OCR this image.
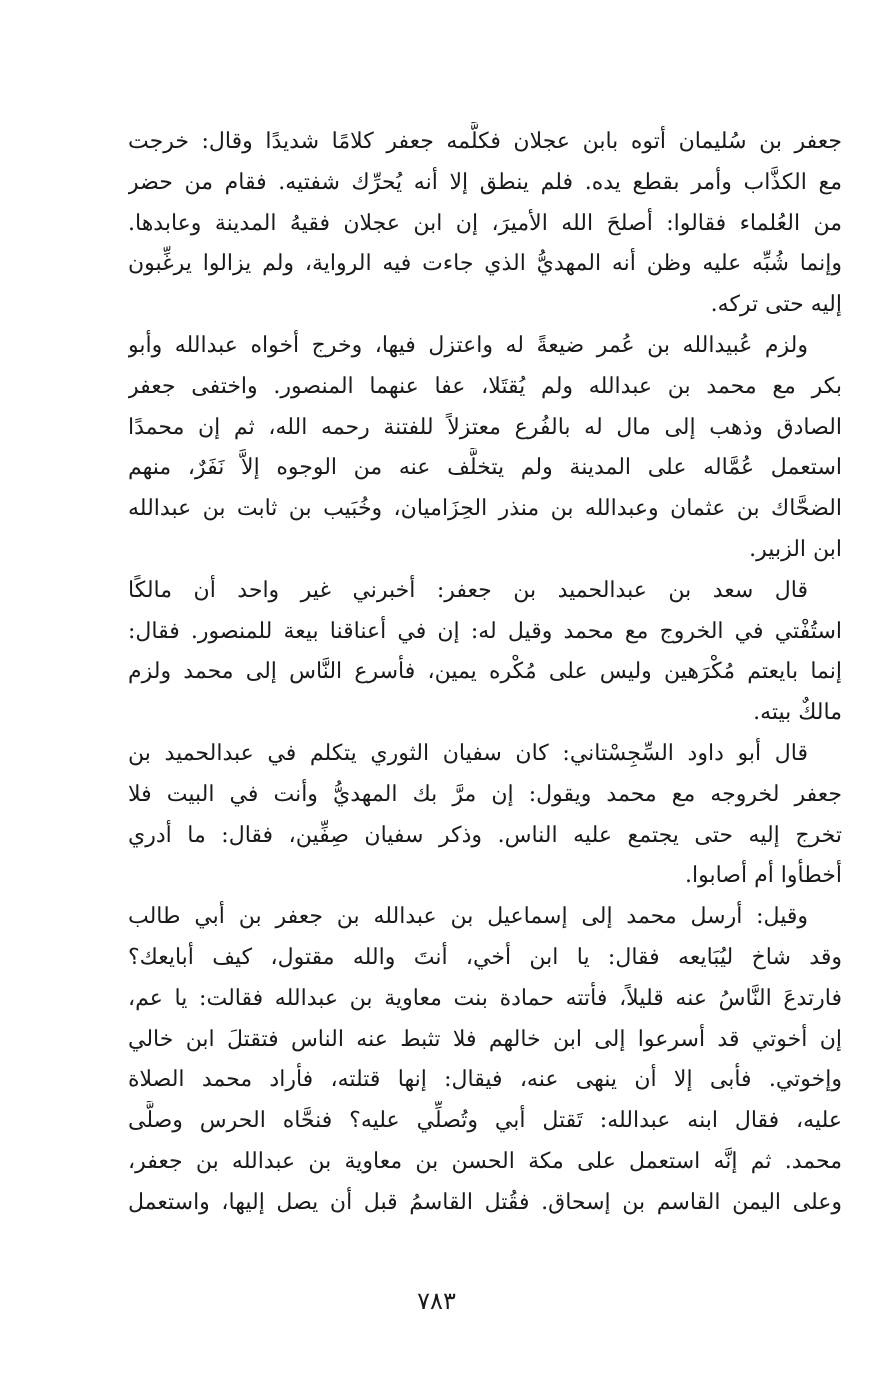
جعفر بن سُليمان أتوه بابن عجلان فكلَّمه جعفر كلامًا شديدًا وقال: خرجت
مع الكذَّاب وأمر بقطع يده. فلم ينطق إلا أنه يُحرِّك شفتيه. فقام من حضر
من العُلماء فقالوا: أصلحَ الله الأميرَ، إن ابن عجلان فقيهُ المدينة وعابدها.
وإنما شُبِّه عليه وظن أنه المهديُّ الذي جاءت فيه الرواية، ولم يزالوا يرغِّبون
إليه حتى تركه.
ولزم عُبيدالله بن عُمر ضيعةً له واعتزل فيها، وخرج أخواه عبدالله وأبو
بكر مع محمد بن عبدالله ولم يُقتَلا، عفا عنهما المنصور. واختفى جعفر
الصادق وذهب إلى مال له بالفُرع معتزلاً للفتنة رحمه الله، ثم إن محمدًا
استعمل عُمَّاله على المدينة ولم يتخلَّف عنه من الوجوه إلاَّ نَفَرٌ، منهم
الضحَّاك بن عثمان وعبدالله بن منذر الحِزَاميان، وخُبَيب بن ثابت بن عبدالله
ابن الزبير.
قال سعد بن عبدالحميد بن جعفر: أخبرني غير واحد أن مالكًا
استُفْتي في الخروج مع محمد وقيل له: إن في أعناقنا بيعة للمنصور. فقال:
إنما بايعتم مُكْرَهين وليس على مُكْره يمين، فأسرع النَّاس إلى محمد ولزم
مالكٌ بيته.
قال أبو داود السِّجِسْتاني: كان سفيان الثوري يتكلم في عبدالحميد بن
جعفر لخروجه مع محمد ويقول: إن مرَّ بك المهديُّ وأنت في البيت فلا
تخرج إليه حتى يجتمع عليه الناس. وذكر سفيان صِفِّين، فقال: ما أدري
أخطأوا أم أصابوا.
وقيل: أرسل محمد إلى إسماعيل بن عبدالله بن جعفر بن أبي طالب
وقد شاخ ليُبَايعه فقال: يا ابن أخي، أنتَ والله مقتول، كيف أبايعك؟
فارتدعَ النَّاسُ عنه قليلاً، فأتته حمادة بنت معاوية بن عبدالله فقالت: يا عم،
إن أخوتي قد أسرعوا إلى ابن خالهم فلا تثبط عنه الناس فتقتلَ ابن خالي
وإخوتي. فأبى إلا أن ينهى عنه، فيقال: إنها قتلته، فأراد محمد الصلاة
عليه، فقال ابنه عبدالله: تَقتل أبي وتُصلِّي عليه؟ فنحَّاه الحرس وصلَّى
محمد. ثم إنَّه استعمل على مكة الحسن بن معاوية بن عبدالله بن جعفر،
وعلى اليمن القاسم بن إسحاق. فقُتل القاسمُ قبل أن يصل إليها، واستعمل
٧٨٣
